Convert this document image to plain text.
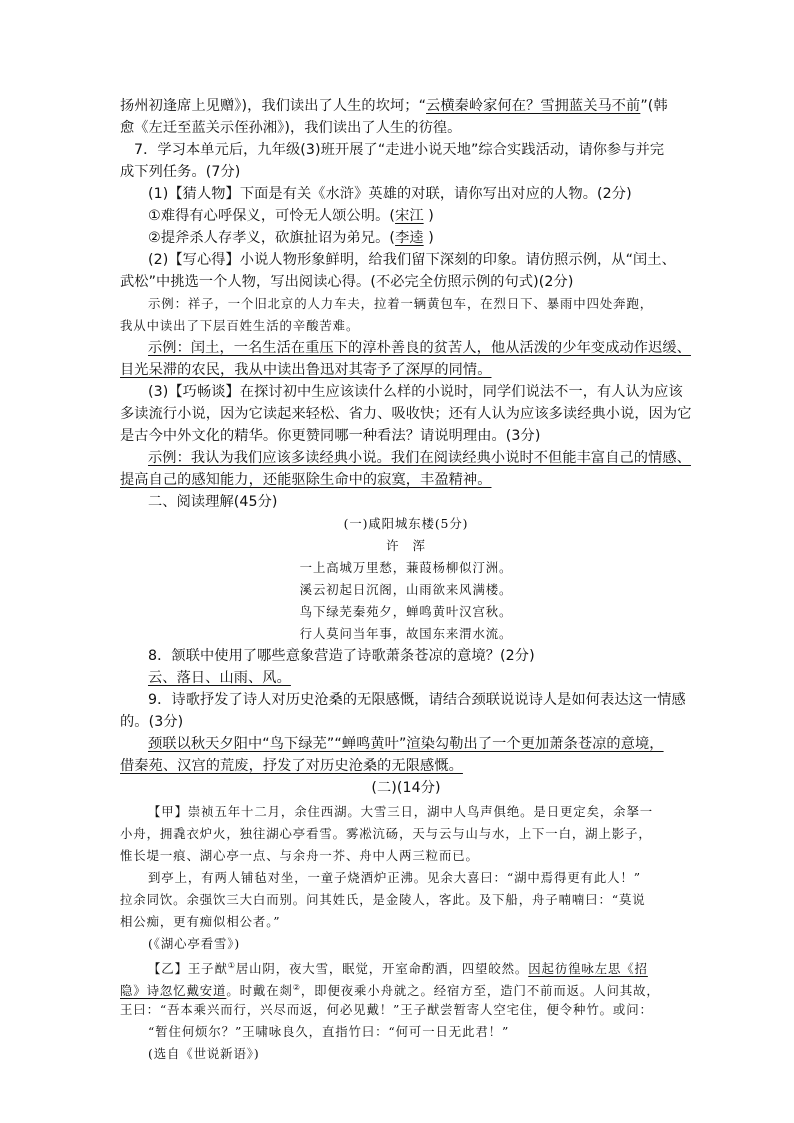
扬州初逢席上见赠》)，我们读出了人生的坎坷；“云横秦岭家何在？雪拥蓝关马不前”(韩
愈《左迁至蓝关示侄孙湘》)，我们读出了人生的彷徨。
7．学习本单元后，九年级(3)班开展了“走进小说天地”综合实践活动，请你参与并完
成下列任务。(7分)
(1)【猜人物】下面是有关《水浒》英雄的对联，请你写出对应的人物。(2分)
①难得有心呼保义，可怜无人颂公明。(宋江 )
②提斧杀人存孝义，砍旗扯诏为弟兄。(李逵 )
(2)【写心得】小说人物形象鲜明，给我们留下深刻的印象。请仿照示例，从“闰土、
武松”中挑选一个人物，写出阅读心得。(不必完全仿照示例的句式)(2分)
示例：祥子，一个旧北京的人力车夫，拉着一辆黄包车，在烈日下、暴雨中四处奔跑，
我从中读出了下层百姓生活的辛酸苦难。
示例：闰土，一名生活在重压下的淳朴善良的贫苦人，他从活泼的少年变成动作迟缓、
目光呆滞的农民，我从中读出鲁迅对其寄予了深厚的同情。
(3)【巧畅谈】在探讨初中生应该读什么样的小说时，同学们说法不一，有人认为应该
多读流行小说，因为它读起来轻松、省力、吸收快；还有人认为应该多读经典小说，因为它
是古今中外文化的精华。你更赞同哪一种看法？请说明理由。(3分)
示例：我认为我们应该多读经典小说。我们在阅读经典小说时不但能丰富自己的情感、
提高自己的感知能力，还能驱除生命中的寂寞，丰盈精神。
二、阅读理解(45分)
(一)咸阳城东楼(5分)
许　浑
一上高城万里愁，蒹葭杨柳似汀洲。
溪云初起日沉阁，山雨欲来风满楼。
鸟下绿芜秦苑夕，蝉鸣黄叶汉宫秋。
行人莫问当年事，故国东来渭水流。
8．颔联中使用了哪些意象营造了诗歌萧条苍凉的意境？(2分)
云、落日、山雨、风。
9．诗歌抒发了诗人对历史沧桑的无限感慨，请结合颈联说说诗人是如何表达这一情感
的。(3分)
颈联以秋天夕阳中“鸟下绿芜”“蝉鸣黄叶”渲染勾勒出了一个更加萧条苍凉的意境，
借秦苑、汉宫的荒废，抒发了对历史沧桑的无限感慨。
(二)(14分)
【甲】崇祯五年十二月，余住西湖。大雪三日，湖中人鸟声俱绝。是日更定矣，余拏一
小舟，拥毳衣炉火，独往湖心亭看雪。雾凇沆砀，天与云与山与水，上下一白，湖上影子，
惟长堤一痕、湖心亭一点、与余舟一芥、舟中人两三粒而已。
到亭上，有两人铺毡对坐，一童子烧酒炉正沸。见余大喜曰：“湖中焉得更有此人！”
拉余同饮。余强饮三大白而别。问其姓氏，是金陵人，客此。及下船，舟子喃喃曰：“莫说
相公痴，更有痴似相公者。”
(《湖心亭看雪》)
【乙】王子猷①居山阴，夜大雪，眠觉，开室命酌酒，四望皎然。因起彷徨咏左思《招
隐》诗忽忆戴安道。时戴在剡②，即便夜乘小舟就之。经宿方至，造门不前而返。人问其故，
王曰：“吾本乘兴而行，兴尽而返，何必见戴！”王子猷尝暂寄人空宅住，便令种竹。或问：
“暂住何烦尔？”王啸咏良久，直指竹曰：“何可一日无此君！”
(选自《世说新语》)
